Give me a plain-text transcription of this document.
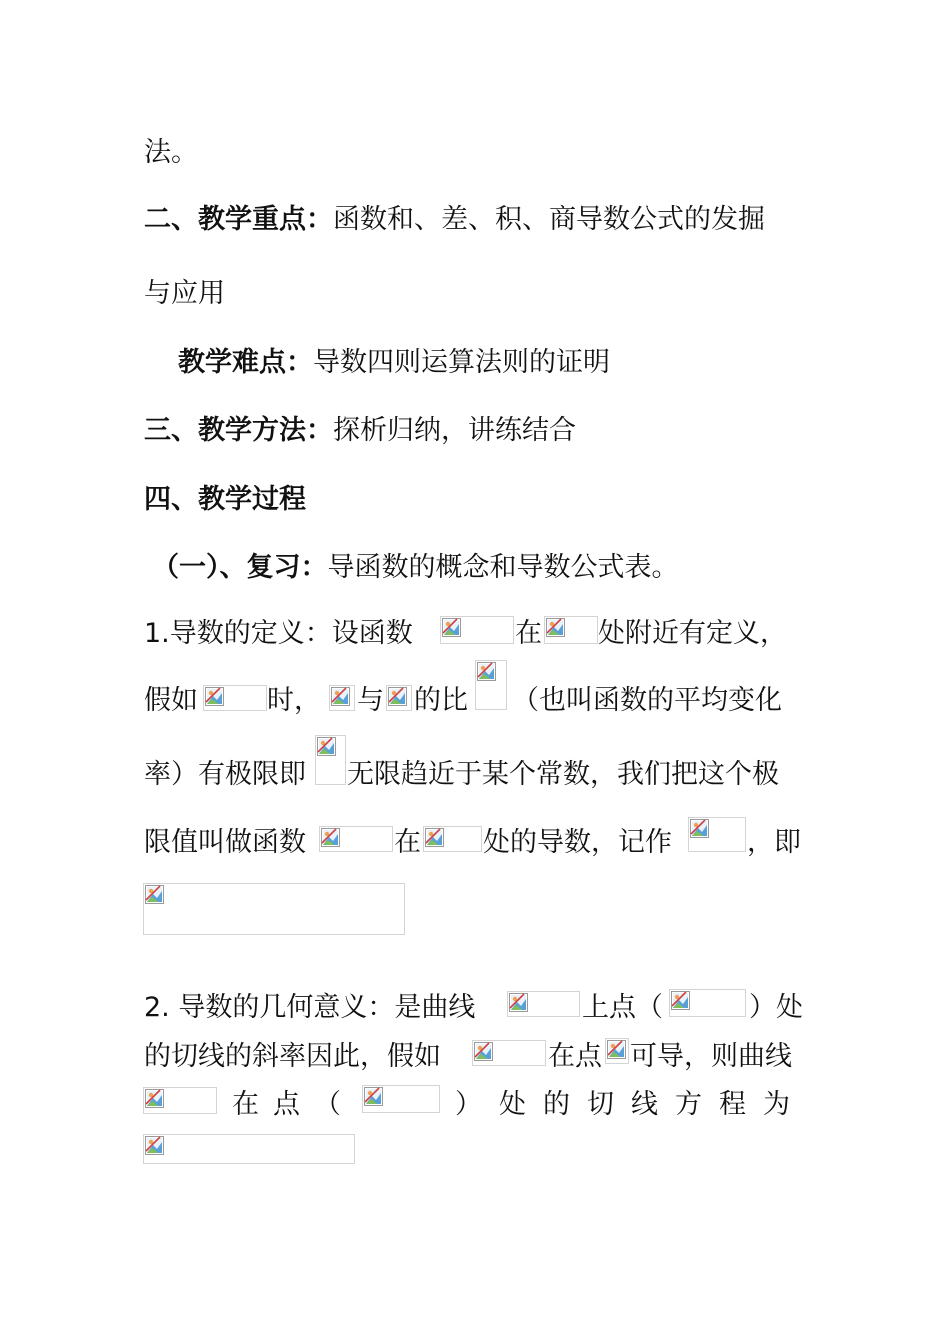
法。
二、教学重点：函数和、差、积、商导数公式的发掘
与应用
教学难点：导数四则运算法则的证明
三、教学方法：探析归纳，讲练结合
四、教学过程
（一）、复习：导函数的概念和导数公式表。
1.导数的定义：设函数	在 处附近有定义，
假如	时， 与 的比 （也叫函数的平均变化
率）有极限即 无限趋近于某个常数，我们把这个极
限值叫做函数	在 处的导数，记作	，即
2. 导数的几何意义：是曲线	上点（	）处
的切线的斜率因此，假如	在点 可导，则曲线
在点（	）处的切线方程为
